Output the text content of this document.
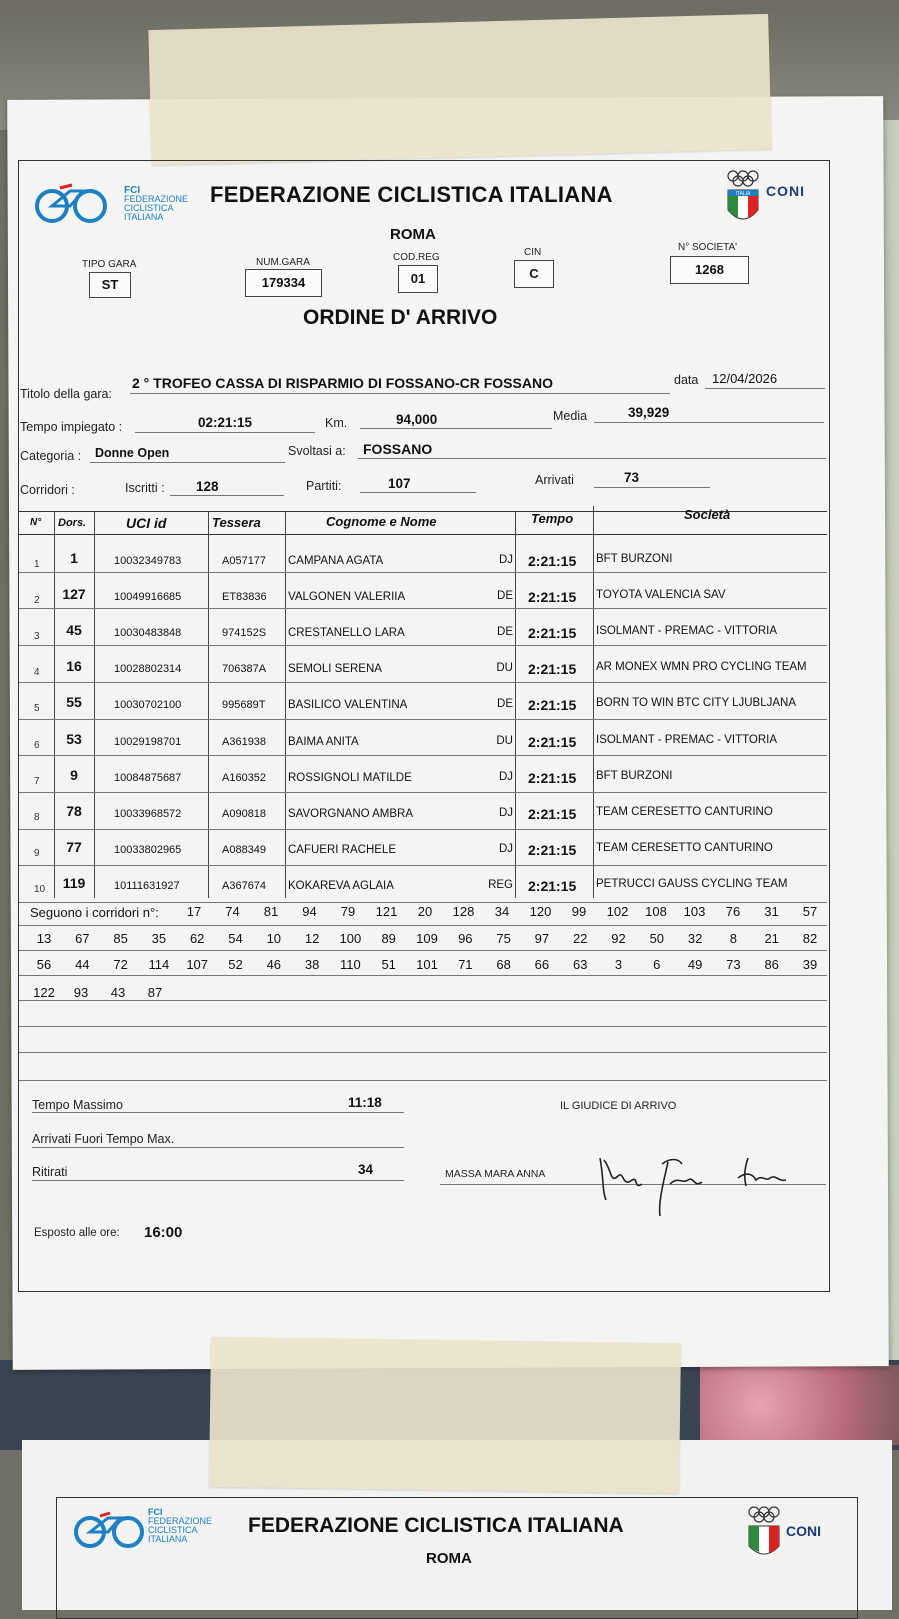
FCI
FEDERAZIONE
CICLISTICA
ITALIANA
FEDERAZIONE CICLISTICA ITALIANA
ROMA
CONI
FCI
FEDERAZIONE
CICLISTICA
ITALIANA
FEDERAZIONE CICLISTICA ITALIANA
ROMA
ITALIA CONI
TIPO GARA
ST
NUM.GARA
179334
COD.REG
01
CIN
C
N° SOCIETA'
1268
ORDINE D' ARRIVO
Titolo della gara:
2 ° TROFEO CASSA DI RISPARMIO DI FOSSANO-CR FOSSANO	data 12/04/2026
Tempo impiegato :	02:21:15	Km.	94,000	Media	39,929
Categoria : Donne Open	Svoltasi a: FOSSANO
Corridori :	Iscritti : 128	Partiti:	107	Arrivati	73
N° Dors.	UCI id	Tessera	Cognome e Nome	Tempo	Società
1	1	10032349783	A057177 CAMPANA AGATA	DJ 2:21:15 BFT BURZONI
2	127	10049916685	ET83836 VALGONEN VALERIIA	DE 2:21:15 TOYOTA VALENCIA SAV
3	45	10030483848	974152S CRESTANELLO LARA	DE 2:21:15 ISOLMANT - PREMAC - VITTORIA
4	16	10028802314	706387A SEMOLI SERENA	DU 2:21:15 AR MONEX WMN PRO CYCLING TEAM
5	55	10030702100	995689T BASILICO VALENTINA	DE 2:21:15 BORN TO WIN BTC CITY LJUBLJANA
6	53	10029198701	A361938 BAIMA ANITA	DU 2:21:15 ISOLMANT - PREMAC - VITTORIA
7	9	10084875687	A160352 ROSSIGNOLI MATILDE	DJ 2:21:15 BFT BURZONI
8	78	10033968572	A090818 SAVORGNANO AMBRA	DJ 2:21:15 TEAM CERESETTO CANTURINO
9	77	10033802965	A088349 CAFUERI RACHELE	DJ 2:21:15 TEAM CERESETTO CANTURINO
10	119	10111631927	A367674 KOKAREVA AGLAIA	REG 2:21:15 PETRUCCI GAUSS CYCLING TEAM
Seguono i corridori n°:	17	74	81	94	79	121	20	128	34	120	99	102	108	103	76	31	57
13	67	85	35	62	54	10	12	100	89	109	96	75	97	22	92	50	32	8	21	82
56	44	72	114	107	52	46	38	110	51	101	71	68	66	63	3	6	49	73	86	39
122	93	43	87
Tempo Massimo	11:18	IL GIUDICE DI ARRIVO
Arrivati Fuori Tempo Max.
Ritirati	34	MASSA MARA ANNA
Esposto alle ore: 16:00
